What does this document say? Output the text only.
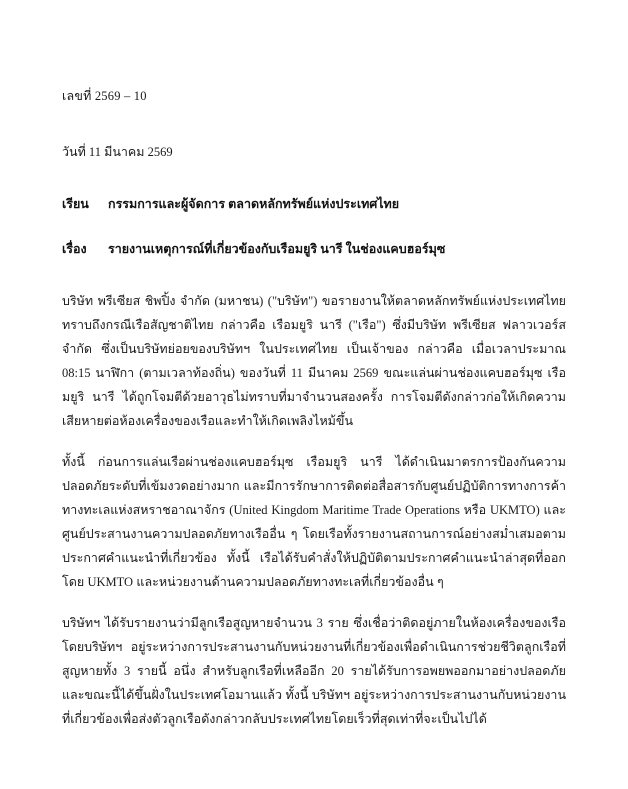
เลขที่ 2569 – 10

วันที่ 11 มีนาคม 2569

เรียน	กรรมการและผู้จัดการ ตลาดหลักทรัพย์แห่งประเทศไทย
เรื่อง	รายงานเหตุการณ์ที่เกี่ยวข้องกับเรือมยูริ นารี ในช่องแคบฮอร์มุซ

บริษัท พรีเซียส ชิพปิ้ง จำกัด (มหาชน) ("บริษัท") ขอรายงานให้ตลาดหลักทรัพย์แห่งประเทศไทยทราบถึงกรณีเรือสัญชาติไทย กล่าวคือ เรือมยูริ นารี ("เรือ") ซึ่งมีบริษัท พรีเซียส ฟลาวเวอร์ส จำกัด ซึ่งเป็นบริษัทย่อยของบริษัทฯ ในประเทศไทย เป็นเจ้าของ กล่าวคือ เมื่อเวลาประมาณ 08:15 นาฬิกา (ตามเวลาท้องถิ่น) ของวันที่ 11 มีนาคม 2569 ขณะแล่นผ่านช่องแคบฮอร์มุซ เรือมยูริ นารี ได้ถูกโจมตีด้วยอาวุธไม่ทราบที่มาจำนวนสองครั้ง การโจมตีดังกล่าวก่อให้เกิดความเสียหายต่อห้องเครื่องของเรือและทำให้เกิดเพลิงไหม้ขึ้น

ทั้งนี้ ก่อนการแล่นเรือผ่านช่องแคบฮอร์มุซ เรือมยูริ นารี ได้ดำเนินมาตรการป้องกันความปลอดภัยระดับที่เข้มงวดอย่างมาก และมีการรักษาการติดต่อสื่อสารกับศูนย์ปฏิบัติการทางการค้าทางทะเลแห่งสหราชอาณาจักร (United Kingdom Maritime Trade Operations หรือ UKMTO) และศูนย์ประสานงานความปลอดภัยทางเรืออื่น ๆ โดยเรือทั้งรายงานสถานการณ์อย่างสม่ำเสมอตามประกาศคำแนะนำที่เกี่ยวข้อง ทั้งนี้ เรือได้รับคำสั่งให้ปฏิบัติตามประกาศคำแนะนำล่าสุดที่ออกโดย UKMTO และหน่วยงานด้านความปลอดภัยทางทะเลที่เกี่ยวข้องอื่น ๆ

บริษัทฯ ได้รับรายงานว่ามีลูกเรือสูญหายจำนวน 3 ราย ซึ่งเชื่อว่าติดอยู่ภายในห้องเครื่องของเรือ โดยบริษัทฯ อยู่ระหว่างการประสานงานกับหน่วยงานที่เกี่ยวข้องเพื่อดำเนินการช่วยชีวิตลูกเรือที่สูญหายทั้ง 3 รายนี้ อนึ่ง สำหรับลูกเรือที่เหลืออีก 20 รายได้รับการอพยพออกมาอย่างปลอดภัย และขณะนี้ได้ขึ้นฝั่งในประเทศโอมานแล้ว ทั้งนี้ บริษัทฯ อยู่ระหว่างการประสานงานกับหน่วยงานที่เกี่ยวข้องเพื่อส่งตัวลูกเรือดังกล่าวกลับประเทศไทยโดยเร็วที่สุดเท่าที่จะเป็นไปได้
